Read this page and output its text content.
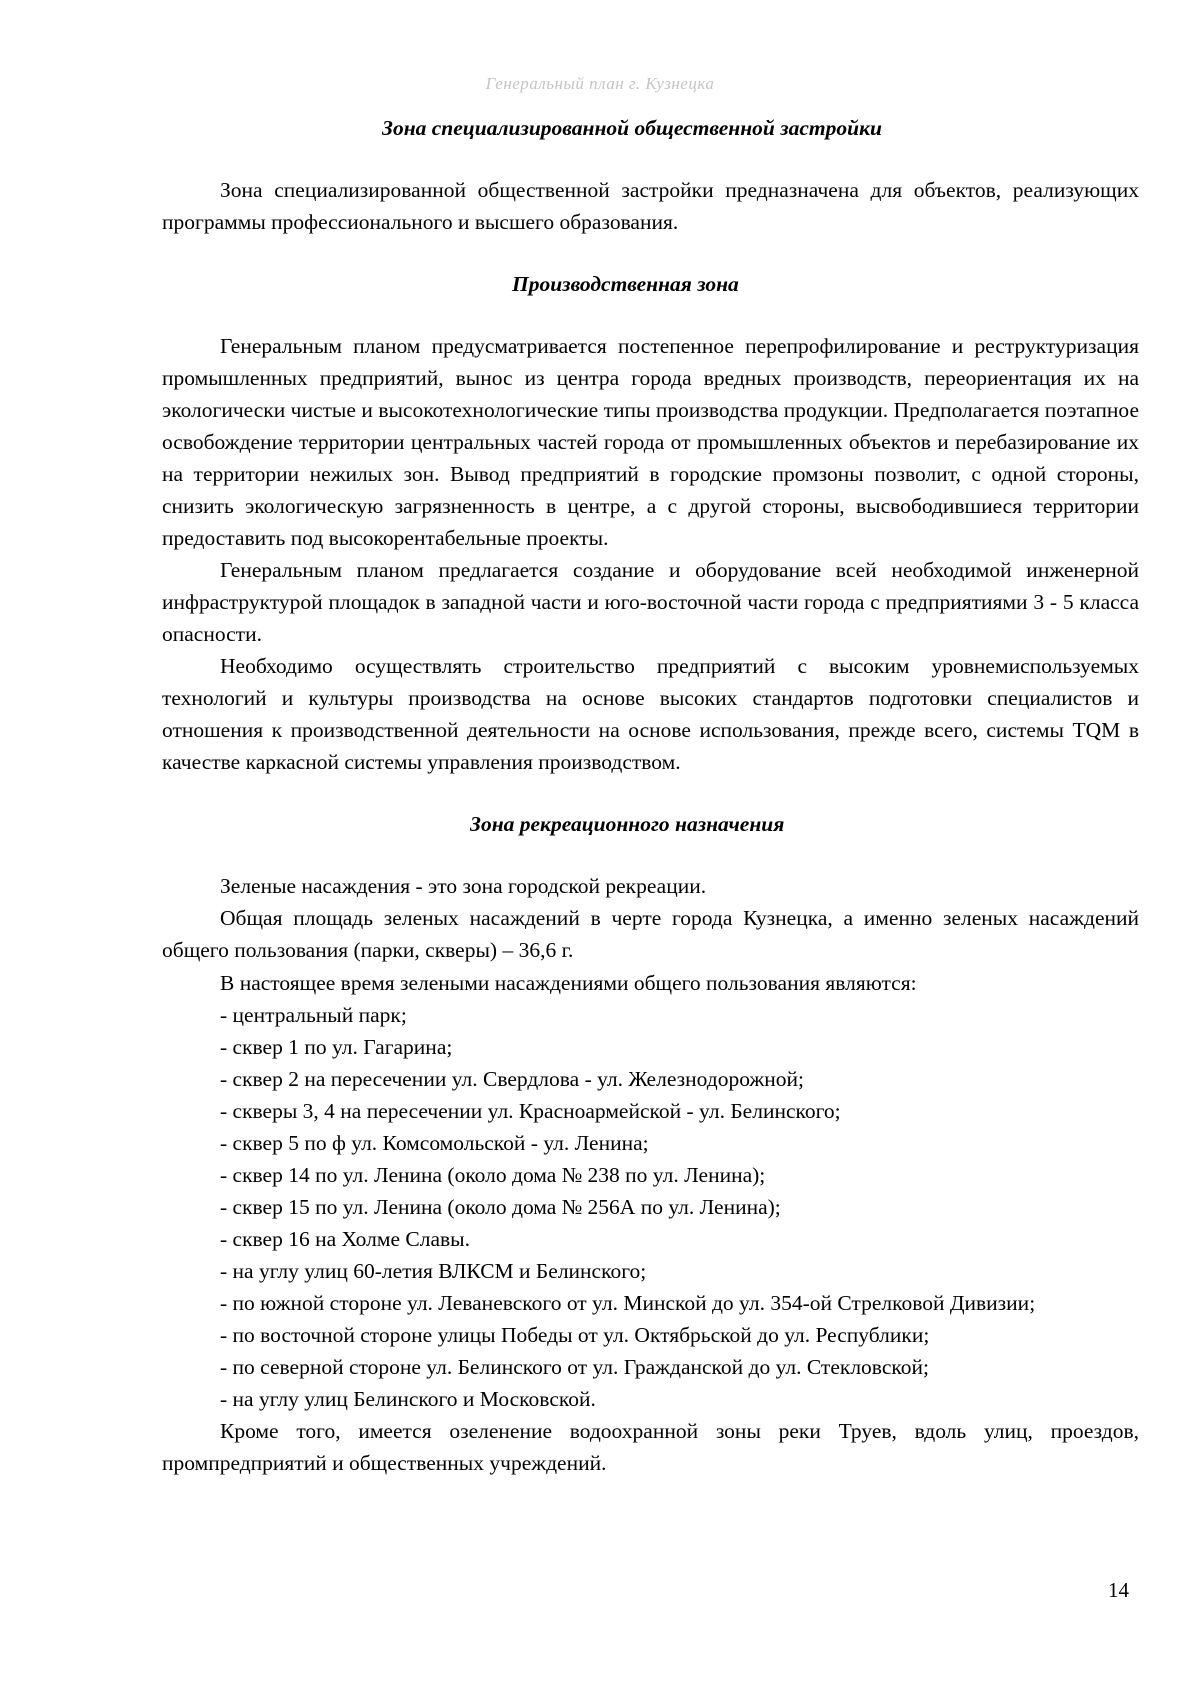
Генеральный план г. Кузнецка
Зона специализированной общественной застройки

Зона специализированной общественной застройки предназначена для объектов, реализующих программы профессионального и высшего образования.

Производственная зона

Генеральным планом предусматривается постепенное перепрофилирование и реструктуризация промышленных предприятий, вынос из центра города вредных производств, переориентация их на экологически чистые и высокотехнологические типы производства продукции. Предполагается поэтапное освобождение территории центральных частей города от промышленных объектов и перебазирование их на территории нежилых зон. Вывод предприятий в городские промзоны позволит, с одной стороны, снизить экологическую загрязненность в центре, а с другой стороны, высвободившиеся территории предоставить под высокорентабельные проекты.

Генеральным планом предлагается создание и оборудование всей необходимой инженерной инфраструктурой площадок в западной части и юго-восточной части города с предприятиями 3 - 5 класса опасности.

Необходимо осуществлять строительство предприятий с высоким уровнемиспользуемых технологий и культуры производства на основе высоких стандартов подготовки специалистов и отношения к производственной деятельности на основе использования, прежде всего, системы TQM в качестве каркасной системы управления производством.

Зона рекреационного назначения

Зеленые насаждения - это зона городской рекреации.

Общая площадь зеленых насаждений в черте города Кузнецка, а именно зеленых насаждений общего пользования (парки, скверы) – 36,6 г.

В настоящее время зелеными насаждениями общего пользования являются:

- центральный парк;
- сквер 1 по ул. Гагарина;
- сквер 2 на пересечении ул. Свердлова - ул. Железнодорожной;
- скверы 3, 4 на пересечении ул. Красноармейской - ул. Белинского;
- сквер 5 по ф ул. Комсомольской - ул. Ленина;
- сквер 14 по ул. Ленина (около дома № 238 по ул. Ленина);
- сквер 15 по ул. Ленина (около дома № 256А по ул. Ленина);
- сквер 16 на Холме Славы.
- на углу улиц 60-летия ВЛКСМ и Белинского;
- по южной стороне ул. Леваневского от ул. Минской до ул. 354-ой Стрелковой Дивизии;
- по восточной стороне улицы Победы от ул. Октябрьской до ул. Республики;
- по северной стороне ул. Белинского от ул. Гражданской до ул. Стекловской;
- на углу улиц Белинского и Московской.

Кроме того, имеется озеленение водоохранной зоны реки Труев, вдоль улиц, проездов, промпредприятий и общественных учреждений.

14
